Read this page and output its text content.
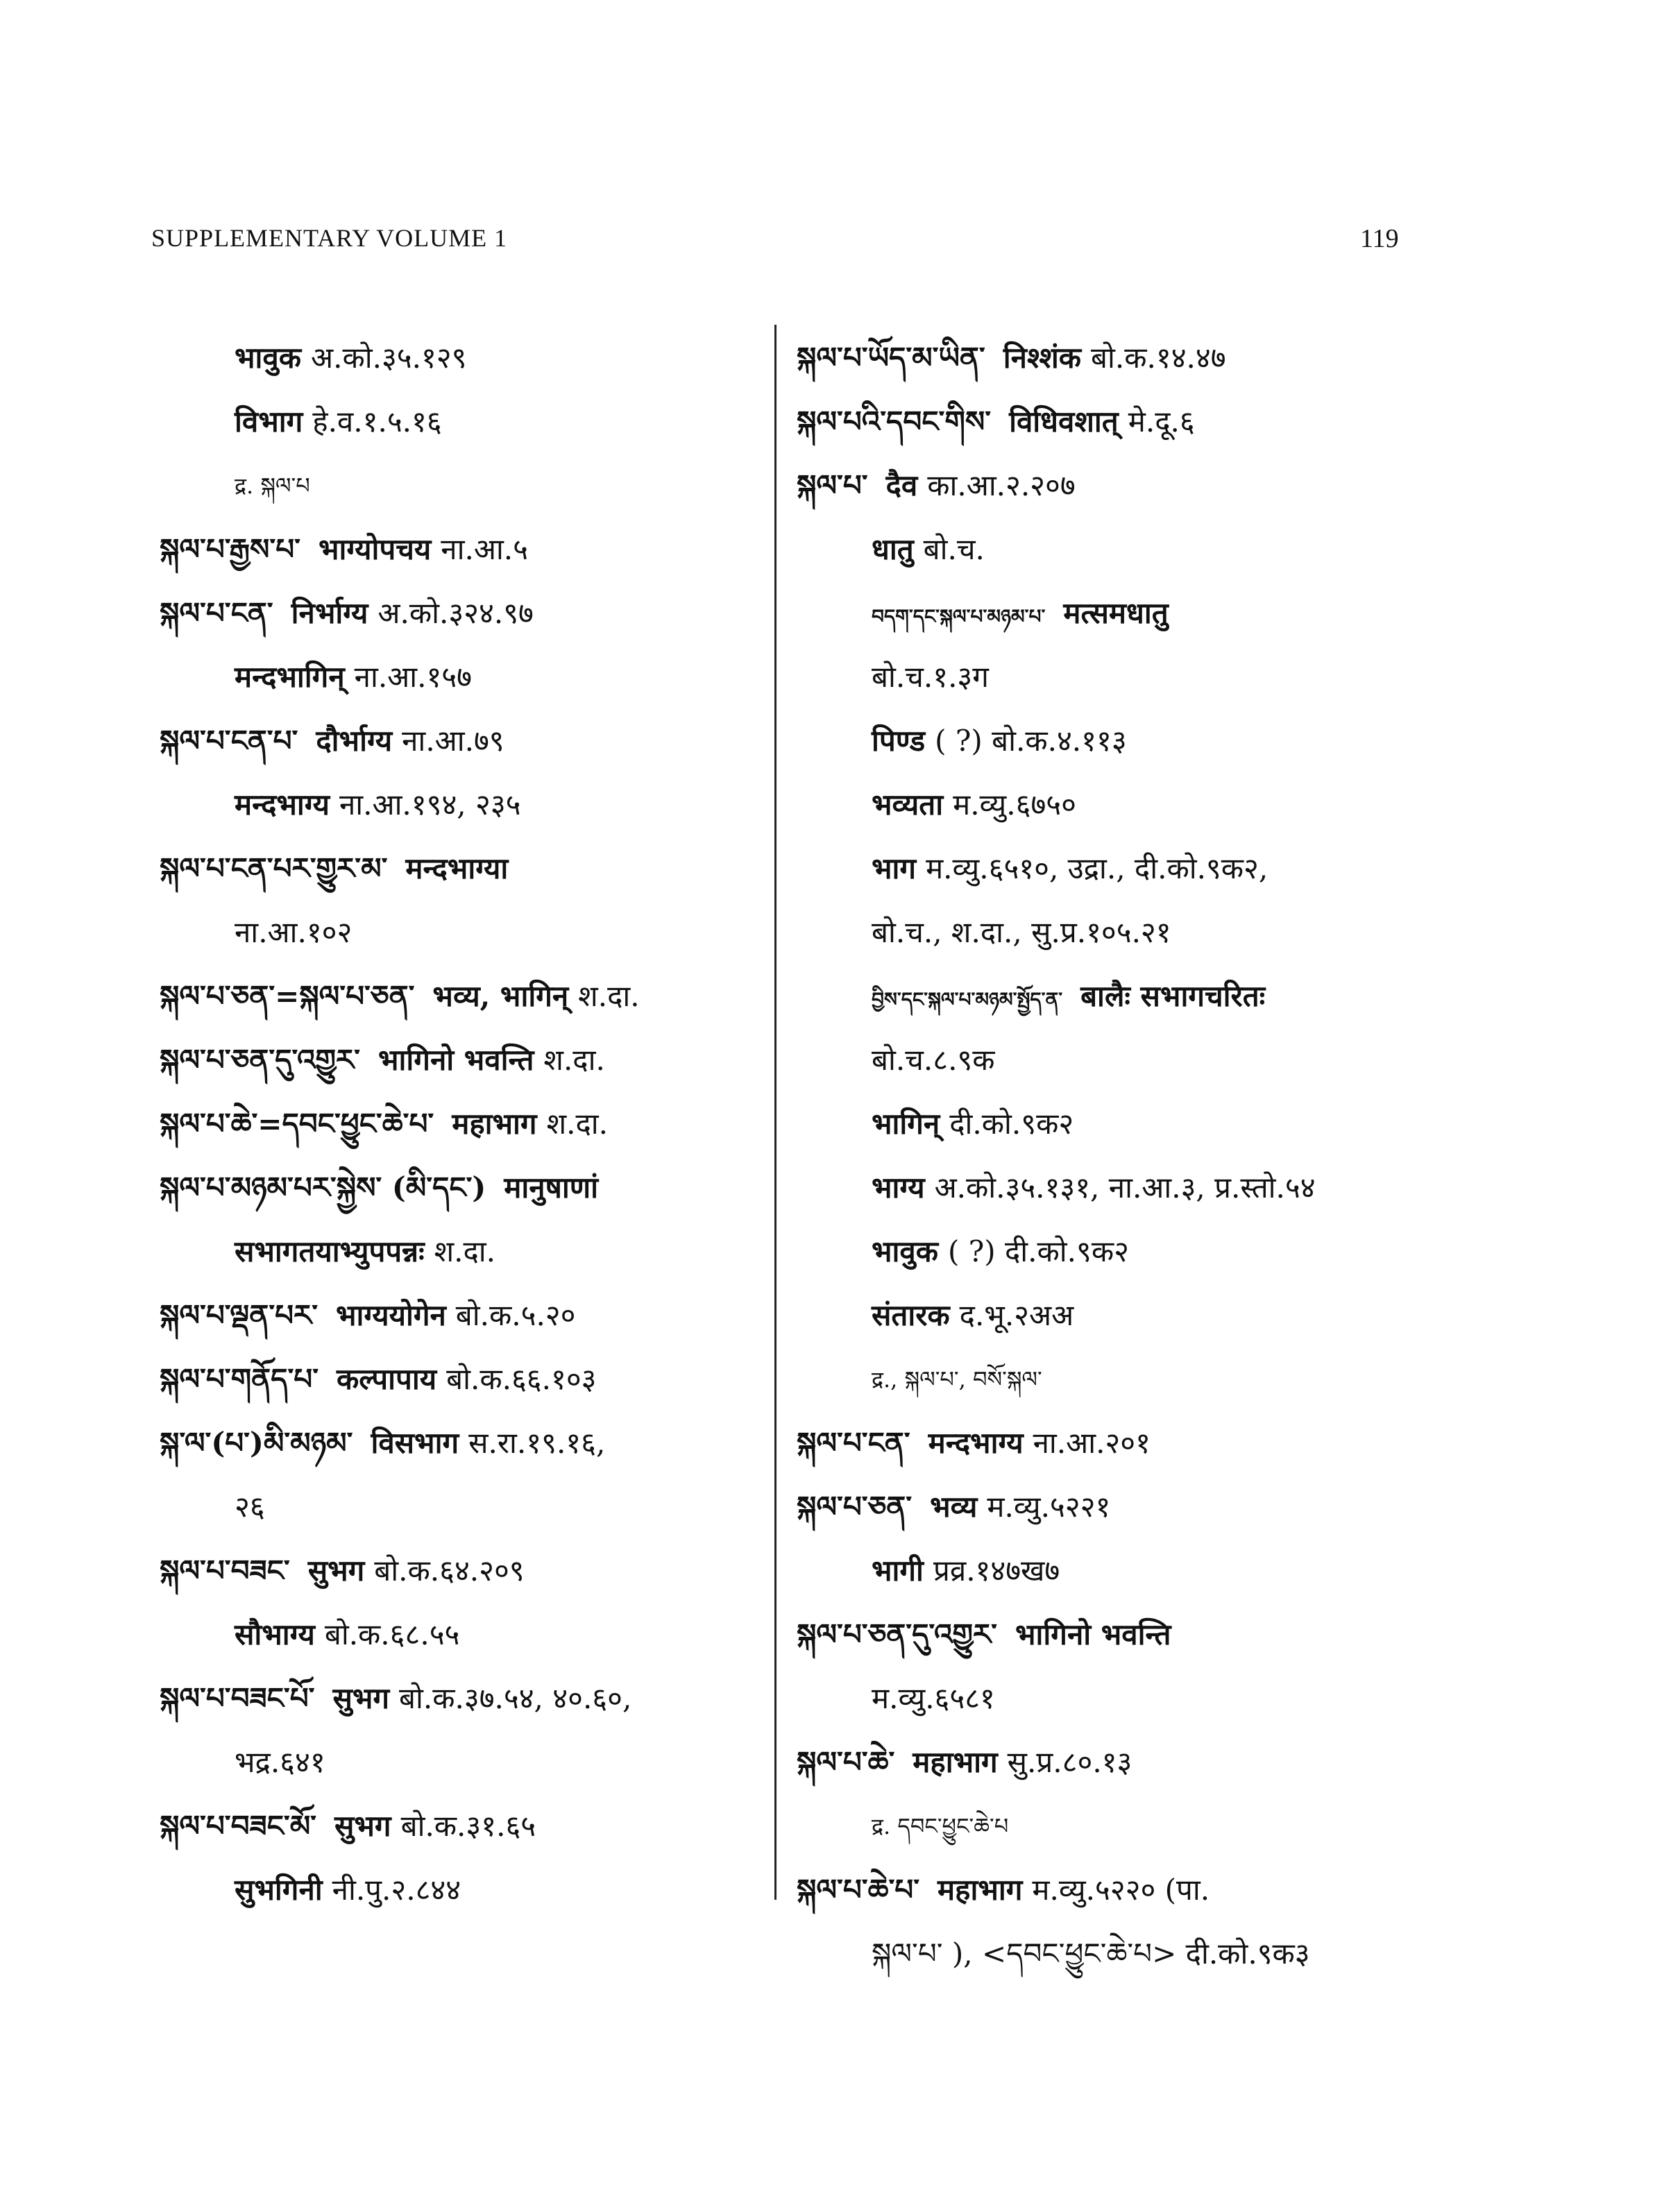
SUPPLEMENTARY VOLUME 1	119
भावुक अ.को.३५.१२९
विभाग हे.व.१.५.१६
द्र. སྐལ་པ
སྐལ་པ་རྒྱས་པ་ भाग्योपचय ना.आ.५
སྐལ་པ་ངན་ निर्भाग्य अ.को.३२४.९७
मन्दभागिन् ना.आ.१५७
སྐལ་པ་ངན་པ་ दौर्भाग्य ना.आ.७९
मन्दभाग्य ना.आ.१९४, २३५
སྐལ་པ་ངན་པར་གྱུར་མ་ मन्दभाग्या
ना.आ.१०२
སྐལ་པ་ཅན་=སྐལ་པ་ཅན་ भव्य, भागिन् श.दा.
སྐལ་པ་ཅན་དུ་འགྱུར་ भागिनो भवन्ति श.दा.
སྐལ་པ་ཆེ་=དབང་ཕྱུང་ཆེ་པ་ महाभाग श.दा.
སྐལ་པ་མཉམ་པར་སྐྱེས་ (མི་དང་) मानुषाणां
सभागतयाभ्युपपन्नः श.दा.
སྐལ་པ་ལྡན་པར་ भाग्ययोगेन बो.क.५.२०
སྐལ་པ་གནོད་པ་ कल्पापाय बो.क.६६.१०३
སྐ་ལ་(པ་)མི་མཉམ་ विसभाग स.रा.१९.१६,
२६
སྐལ་པ་བཟང་ सुभग बो.क.६४.२०९
सौभाग्य बो.क.६८.५५
སྐལ་པ་བཟང་པོ་ सुभग बो.क.३७.५४, ४०.६०,
भद्र.६४१
སྐལ་པ་བཟང་མོ་ सुभग बो.क.३१.६५
सुभगिनी नी.पु.२.८४४
སྐལ་པ་ཡོད་མ་ཡིན་ निश्शंक बो.क.१४.४७
སྐལ་པའི་དབང་གིས་ विधिवशात् मे.दू.६
སྐལ་པ་ दैव का.आ.२.२०७
धातु बो.च.
བདག་དང་སྐལ་པ་མཉམ་པ་ मत्समधातु
बो.च.१.३ग
पिण्ड ( ?) बो.क.४.११३
भव्यता म.व्यु.६७५०
भाग म.व्यु.६५१०, उद्रा., दी.को.९क२,
बो.च., श.दा., सु.प्र.१०५.२१
བྱིས་དང་སྐལ་པ་མཉམ་སྤྱོད་ན་ बालैः सभागचरितः
बो.च.८.९क
भागिन् दी.को.९क२
भाग्य अ.को.३५.१३१, ना.आ.३, प्र.स्तो.५४
भावुक ( ?) दी.को.९क२
संतारक द.भू.२अअ
द्र., སྐལ་པ་, བསོ་སྐལ་
སྐལ་པ་ངན་ मन्दभाग्य ना.आ.२०१
སྐལ་པ་ཅན་ भव्य म.व्यु.५२२१
भागी प्रव्र.१४७ख७
སྐལ་པ་ཅན་དུ་འགྱུར་ भागिनो भवन्ति
म.व्यु.६५८१
སྐལ་པ་ཆེ་ महाभाग सु.प्र.८०.१३
द्र. དབང་ཕྱུང་ཆེ་པ
སྐལ་པ་ཆེ་པ་ महाभाग म.व्यु.५२२० (पा.
སྐལ་པ་ ), <དབང་ཕྱུང་ཆེ་པ> दी.को.९क३
